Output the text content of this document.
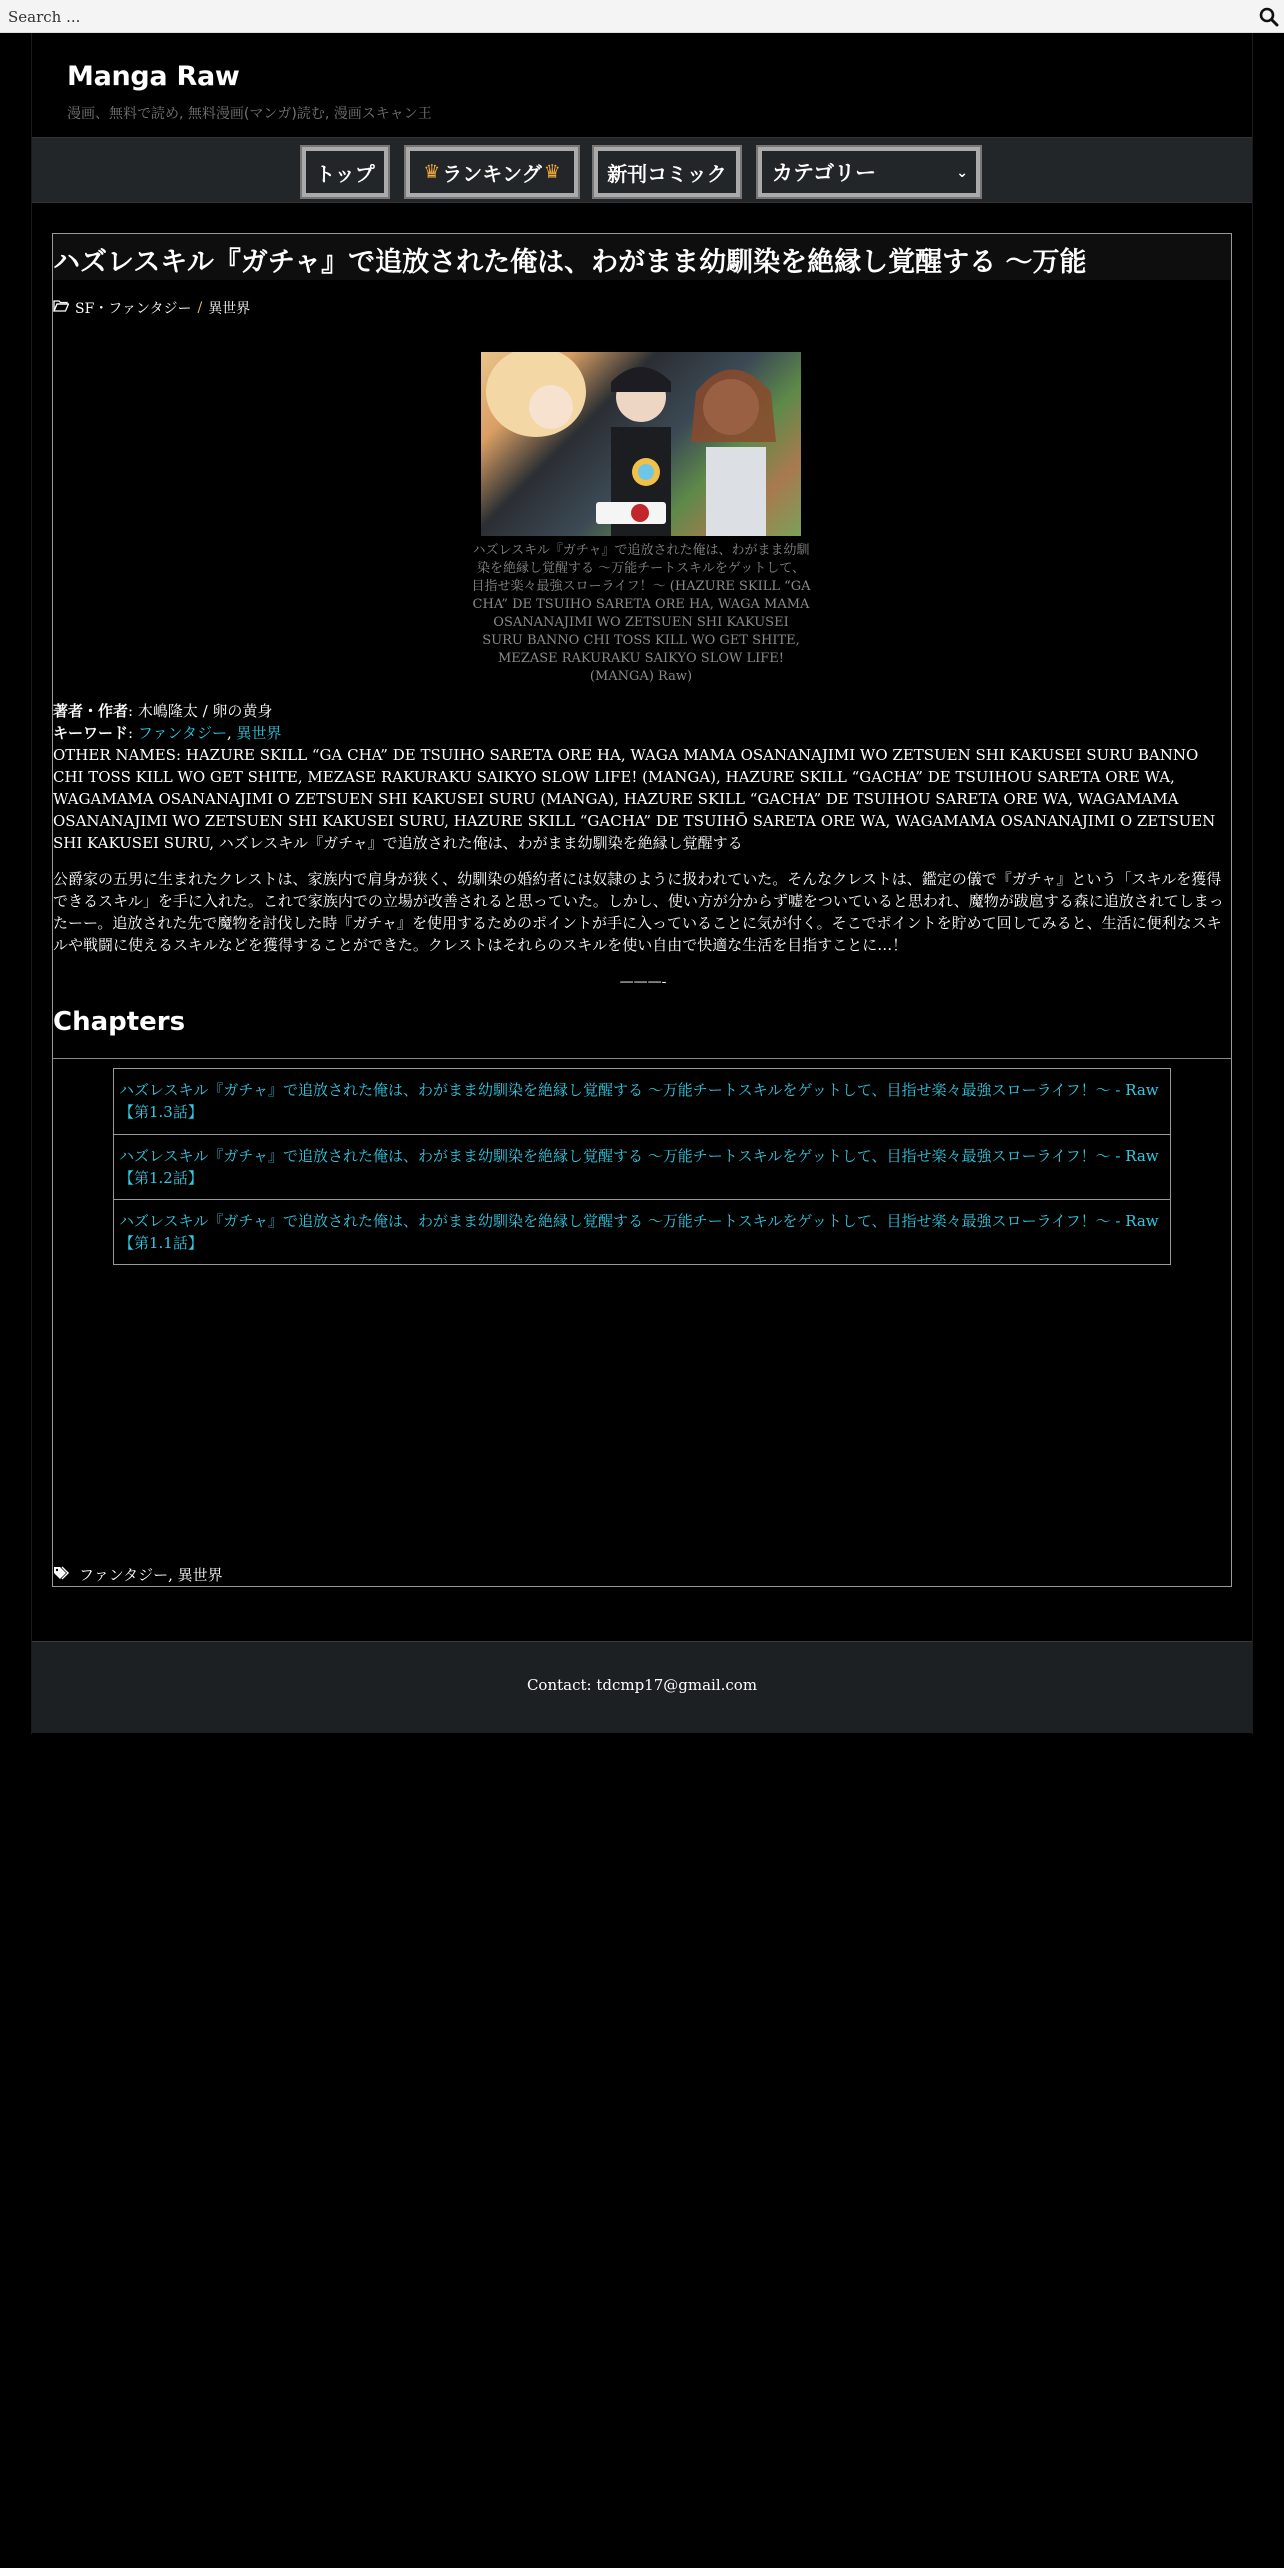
Search ...
Manga Raw
漫画、無料で読め, 無料漫画(マンガ)読む, 漫画スキャン王
トップ	♛ ランキング ♛ 新刊コミック カテゴリー	⌄
ハズレスキル『ガチャ』で追放された俺は、わがまま幼馴染を絶縁し覚醒する ～万能
SF・ファンタジー / 異世界
ハズレスキル『ガチャ』で追放された俺は、わがまま幼馴染を絶縁し覚醒する ～万能チートスキルをゲットして、目指せ楽々最強スローライフ！～ (HAZURE SKILL “GA CHA” DE TSUIHO SARETA ORE HA, WAGA MAMA OSANANAJIMI WO ZETSUEN SHI KAKUSEI SURU BANNO CHI TOSS KILL WO GET SHITE, MEZASE RAKURAKU SAIKYO SLOW LIFE! (MANGA) Raw)
著者・作者: 木嶋隆太 / 卵の黄身
キーワード: ファンタジー, 異世界
OTHER NAMES: HAZURE SKILL “GA CHA” DE TSUIHO SARETA ORE HA, WAGA MAMA OSANANAJIMI WO ZETSUEN SHI KAKUSEI SURU BANNO CHI TOSS KILL WO GET SHITE, MEZASE RAKURAKU SAIKYO SLOW LIFE! (MANGA), HAZURE SKILL “GACHA” DE TSUIHOU SARETA ORE WA, WAGAMAMA OSANANAJIMI O ZETSUEN SHI KAKUSEI SURU (MANGA), HAZURE SKILL “GACHA” DE TSUIHOU SARETA ORE WA, WAGAMAMA OSANANAJIMI WO ZETSUEN SHI KAKUSEI SURU, HAZURE SKILL “GACHA” DE TSUIHŌ SARETA ORE WA, WAGAMAMA OSANANAJIMI O ZETSUEN SHI KAKUSEI SURU, ハズレスキル『ガチャ』で追放された俺は、わがまま幼馴染を絶縁し覚醒する

公爵家の五男に生まれたクレストは、家族内で肩身が狭く、幼馴染の婚約者には奴隷のように扱われていた。そんなクレストは、鑑定の儀で『ガチャ』という「スキルを獲得できるスキル」を手に入れた。これで家族内での立場が改善されると思っていた。しかし、使い方が分からず嘘をついていると思われ、魔物が跋扈する森に追放されてしまったーー。追放された先で魔物を討伐した時『ガチャ』を使用するためのポイントが手に入っていることに気が付く。そこでポイントを貯めて回してみると、生活に便利なスキルや戦闘に使えるスキルなどを獲得することができた。クレストはそれらのスキルを使い自由で快適な生活を目指すことに…！

———-
Chapters
ハズレスキル『ガチャ』で追放された俺は、わがまま幼馴染を絶縁し覚醒する ～万能チートスキルをゲットして、目指せ楽々最強スローライフ！～ - Raw 【第1.3話】
ハズレスキル『ガチャ』で追放された俺は、わがまま幼馴染を絶縁し覚醒する ～万能チートスキルをゲットして、目指せ楽々最強スローライフ！～ - Raw 【第1.2話】
ハズレスキル『ガチャ』で追放された俺は、わがまま幼馴染を絶縁し覚醒する ～万能チートスキルをゲットして、目指せ楽々最強スローライフ！～ - Raw 【第1.1話】
ファンタジー, 異世界
Contact: tdcmp17@gmail.com
